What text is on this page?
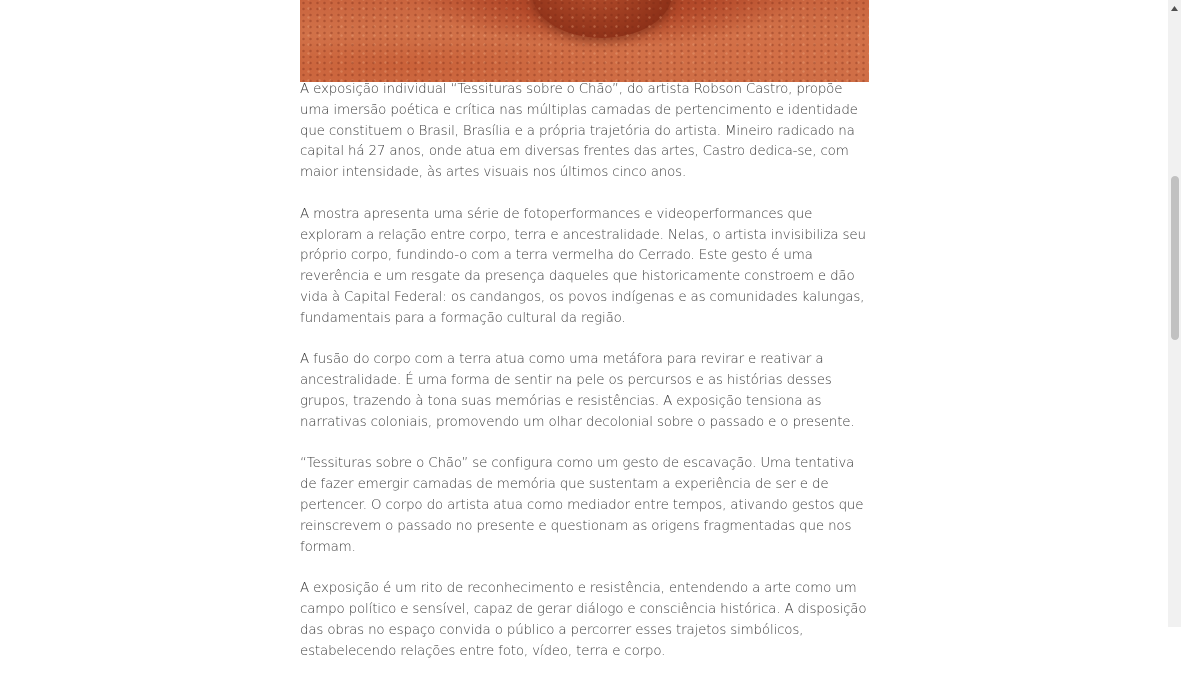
A exposição individual “Tessituras sobre o Chão”, do artista Robson Castro, propõe uma imersão poética e crítica nas múltiplas camadas de pertencimento e identidade que constituem o Brasil, Brasília e a própria trajetória do artista. Mineiro radicado na capital há 27 anos, onde atua em diversas frentes das artes, Castro dedica-se, com maior intensidade, às artes visuais nos últimos cinco anos.

A mostra apresenta uma série de fotoperformances e videoperformances que exploram a relação entre corpo, terra e ancestralidade. Nelas, o artista invisibiliza seu próprio corpo, fundindo-o com a terra vermelha do Cerrado. Este gesto é uma reverência e um resgate da presença daqueles que historicamente constroem e dão vida à Capital Federal: os candangos, os povos indígenas e as comunidades kalungas, fundamentais para a formação cultural da região.

A fusão do corpo com a terra atua como uma metáfora para revirar e reativar a ancestralidade. É uma forma de sentir na pele os percursos e as histórias desses grupos, trazendo à tona suas memórias e resistências. A exposição tensiona as narrativas coloniais, promovendo um olhar decolonial sobre o passado e o presente.

“Tessituras sobre o Chão” se configura como um gesto de escavação. Uma tentativa de fazer emergir camadas de memória que sustentam a experiência de ser e de pertencer. O corpo do artista atua como mediador entre tempos, ativando gestos que reinscrevem o passado no presente e questionam as origens fragmentadas que nos formam.

A exposição é um rito de reconhecimento e resistência, entendendo a arte como um campo político e sensível, capaz de gerar diálogo e consciência histórica. A disposição das obras no espaço convida o público a percorrer esses trajetos simbólicos, estabelecendo relações entre foto, vídeo, terra e corpo.
